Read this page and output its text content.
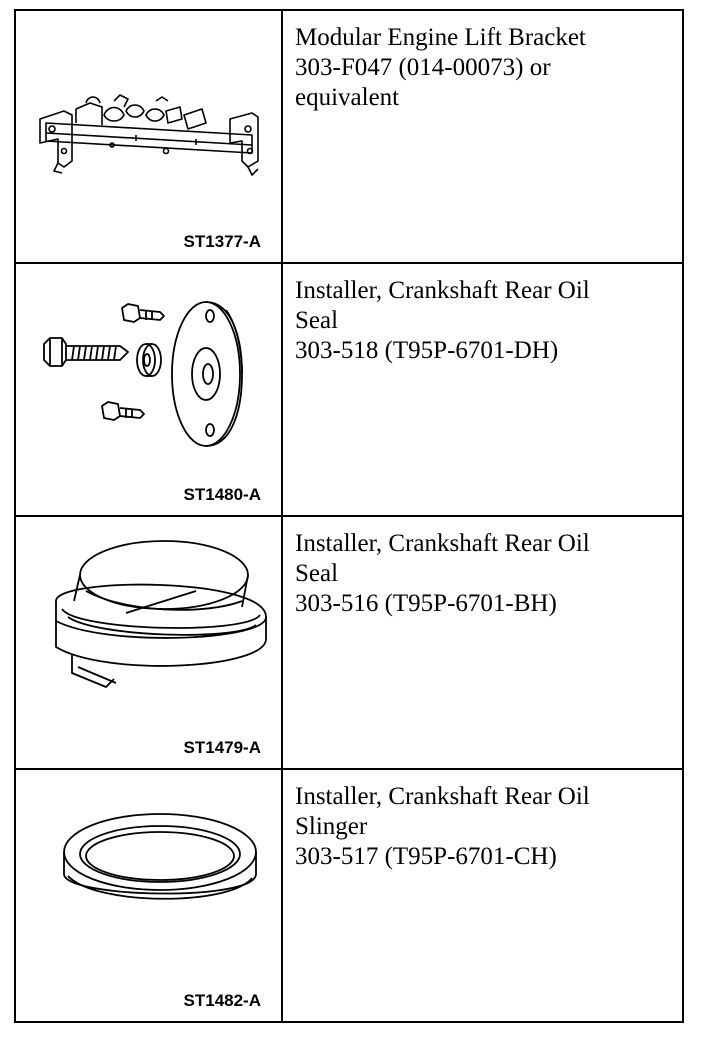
ST1377-A	Modular Engine Lift Bracket
303-F047 (014-00073) or
equivalent

ST1480-A	Installer, Crankshaft Rear Oil
Seal
303-518 (T95P-6701-DH)

ST1479-A	Installer, Crankshaft Rear Oil
Seal
303-516 (T95P-6701-BH)

ST1482-A	Installer, Crankshaft Rear Oil
Slinger
303-517 (T95P-6701-CH)
